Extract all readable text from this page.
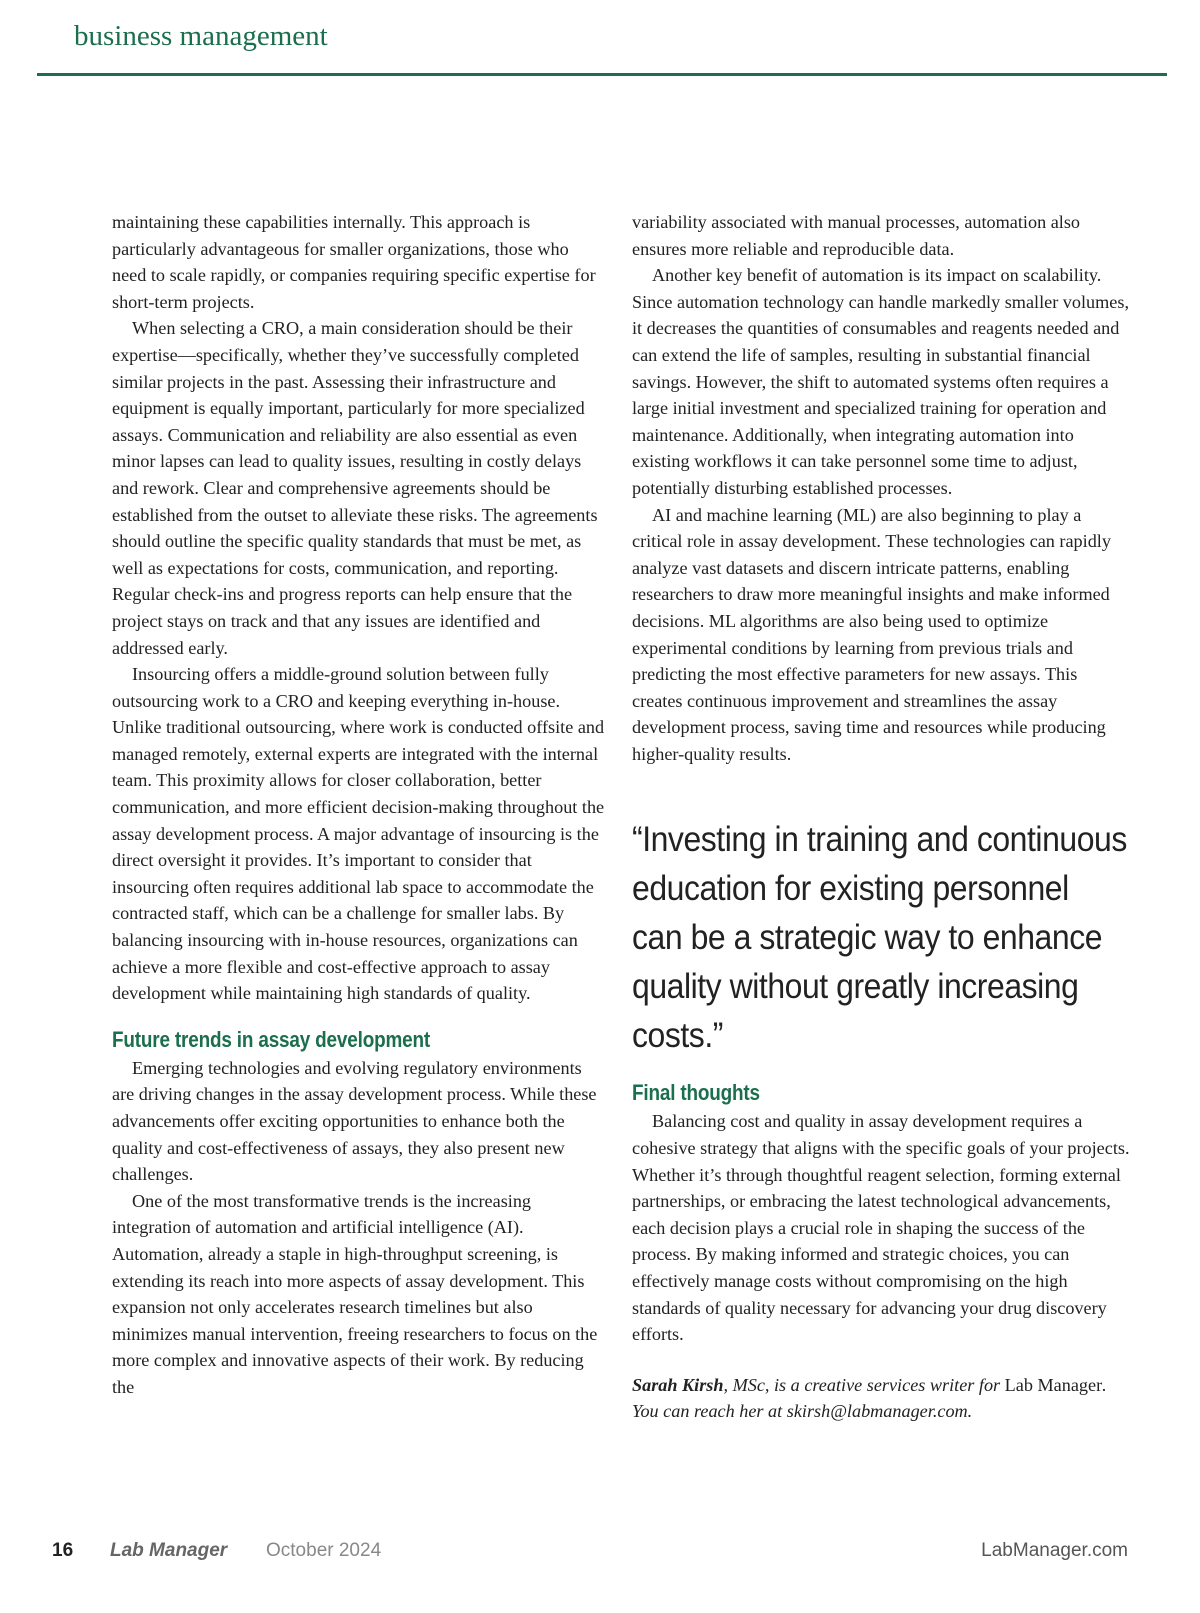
business management

maintaining these capabilities internally. This approach is particularly advantageous for smaller organizations, those who need to scale rapidly, or companies requiring specific expertise for short-term projects.

When selecting a CRO, a main consideration should be their expertise—specifically, whether they’ve successfully completed similar projects in the past. Assessing their infrastructure and equipment is equally important, particularly for more specialized assays. Communication and reliability are also essential as even minor lapses can lead to quality issues, resulting in costly delays and rework. Clear and comprehensive agreements should be established from the outset to alleviate these risks. The agreements should outline the specific quality standards that must be met, as well as expectations for costs, communication, and reporting. Regular check-ins and progress reports can help ensure that the project stays on track and that any issues are identified and addressed early.

Insourcing offers a middle-ground solution between fully outsourcing work to a CRO and keeping everything in-house. Unlike traditional outsourcing, where work is conducted offsite and managed remotely, external experts are integrated with the internal team. This proximity allows for closer collaboration, better communication, and more efficient decision-making throughout the assay development process. A major advantage of insourcing is the direct oversight it provides. It’s important to consider that insourcing often requires additional lab space to accommodate the contracted staff, which can be a challenge for smaller labs. By balancing insourcing with in-house resources, organizations can achieve a more flexible and cost-effective approach to assay development while maintaining high standards of quality.

Future trends in assay development

Emerging technologies and evolving regulatory environments are driving changes in the assay development process. While these advancements offer exciting opportunities to enhance both the quality and cost-effectiveness of assays, they also present new challenges.

One of the most transformative trends is the increasing integration of automation and artificial intelligence (AI). Automation, already a staple in high-throughput screening, is extending its reach into more aspects of assay development. This expansion not only accelerates research timelines but also minimizes manual intervention, freeing researchers to focus on the more complex and innovative aspects of their work. By reducing the

variability associated with manual processes, automation also ensures more reliable and reproducible data.

Another key benefit of automation is its impact on scalability. Since automation technology can handle markedly smaller volumes, it decreases the quantities of consumables and reagents needed and can extend the life of samples, resulting in substantial financial savings. However, the shift to automated systems often requires a large initial investment and specialized training for operation and maintenance. Additionally, when integrating automation into existing workflows it can take personnel some time to adjust, potentially disturbing established processes.

AI and machine learning (ML) are also beginning to play a critical role in assay development. These technologies can rapidly analyze vast datasets and discern intricate patterns, enabling researchers to draw more meaningful insights and make informed decisions. ML algorithms are also being used to optimize experimental conditions by learning from previous trials and predicting the most effective parameters for new assays. This creates continuous improvement and streamlines the assay development process, saving time and resources while producing higher-quality results.

“Investing in training and continuous education for existing personnel can be a strategic way to enhance quality without greatly increasing costs.”
Final thoughts

Balancing cost and quality in assay development requires a cohesive strategy that aligns with the specific goals of your projects. Whether it’s through thoughtful reagent selection, forming external partnerships, or embracing the latest technological advancements, each decision plays a crucial role in shaping the success of the process. By making informed and strategic choices, you can effectively manage costs without compromising on the high standards of quality necessary for advancing your drug discovery efforts.

Sarah Kirsh, MSc, is a creative services writer for Lab Manager. You can reach her at skirsh@labmanager.com.

16 Lab Manager October 2024	LabManager.com
